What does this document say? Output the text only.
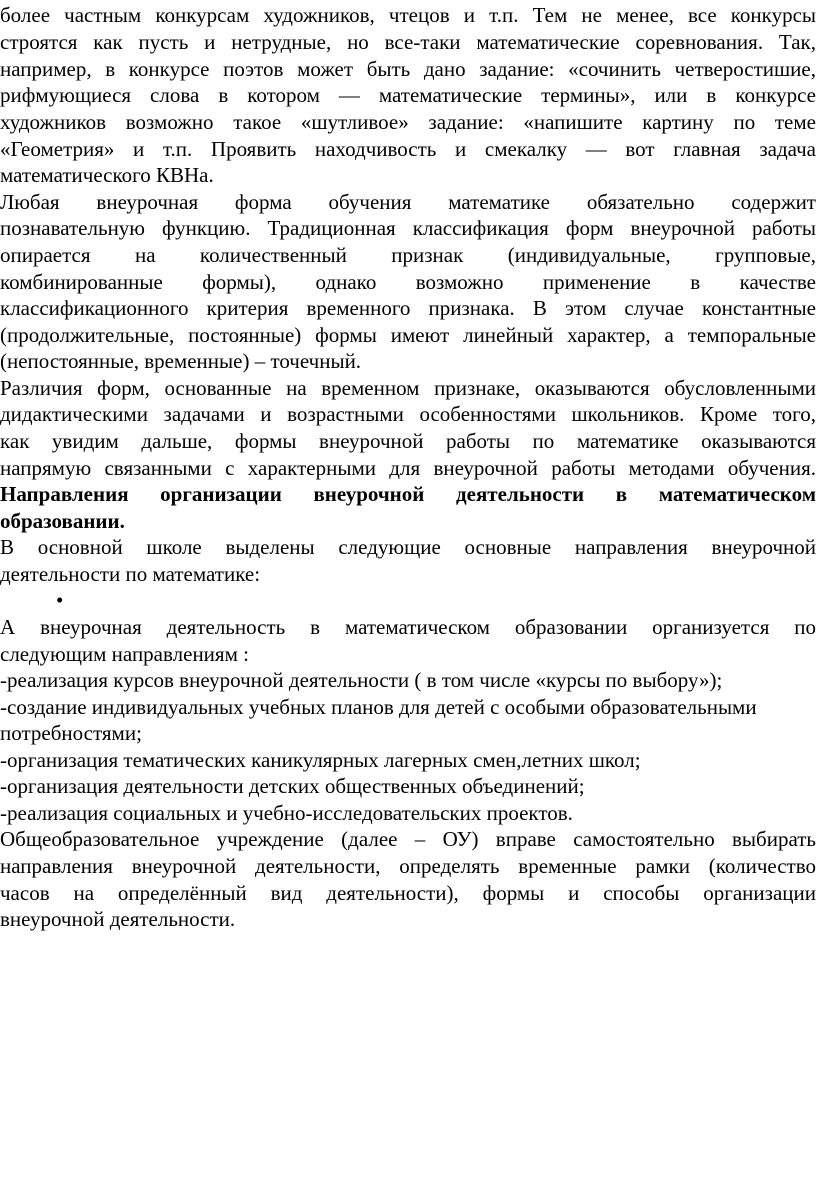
более частным конкурсам художников, чтецов и т.п. Тем не менее, все конкурсы
строятся как пусть и нетрудные, но все-таки математические соревнования. Так,
например, в конкурсе поэтов может быть дано задание: «сочинить четверостишие,
рифмующиеся слова в котором — математические термины», или в конкурсе
художников возможно такое «шутливое» задание: «напишите картину по теме
«Геометрия» и т.п. Проявить находчивость и смекалку — вот главная задача
математического КВНа.
Любая внеурочная форма обучения математике обязательно содержит
познавательную функцию. Традиционная классификация форм внеурочной работы
опирается на количественный признак (индивидуальные, групповые,
комбинированные формы), однако возможно применение в качестве
классификационного критерия временного признака. В этом случае константные
(продолжительные, постоянные) формы имеют линейный характер, а темпоральные
(непостоянные, временные) – точечный.
Различия форм, основанные на временном признаке, оказываются обусловленными
дидактическими задачами и возрастными особенностями школьников. Кроме того,
как увидим дальше, формы внеурочной работы по математике оказываются
напрямую связанными с характерными для внеурочной работы методами обучения.
Направления организации внеурочной деятельности в математическом
образовании.
В основной школе выделены следующие основные направления внеурочной
деятельности по математике:
•
А внеурочная деятельность в математическом образовании организуется по
следующим направлениям :
-реализация курсов внеурочной деятельности ( в том числе «курсы по выбору»);
-создание индивидуальных учебных планов для детей с особыми образовательными
потребностями;
-организация тематических каникулярных лагерных смен,летних школ;
-организация деятельности детских общественных объединений;
-реализация социальных и учебно-исследовательских проектов.
Общеобразовательное учреждение (далее – ОУ) вправе самостоятельно выбирать
направления внеурочной деятельности, определять временные рамки (количество
часов на определённый вид деятельности), формы и способы организации
внеурочной деятельности.
